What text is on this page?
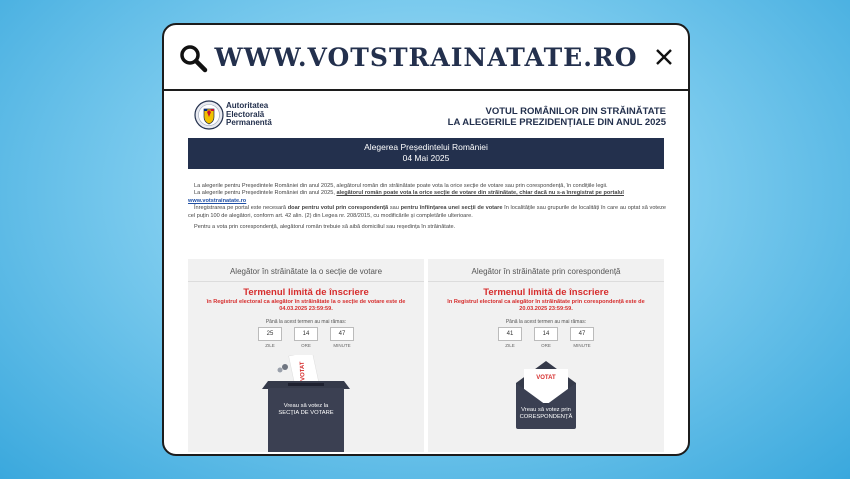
WWW.VOTSTRAINATATE.RO
Autoritatea
Electorală
Permanentă
VOTUL ROMÂNILOR DIN STRĂINĂTATE
LA ALEGERILE PREZIDENȚIALE DIN ANUL 2025
Alegerea Președintelui României
04 Mai 2025

La alegerile pentru Președintele României din anul 2025, alegătorul român din străinătate poate vota la orice secție de votare sau prin corespondență, în condițiile legii.

La alegerile pentru Președintele României din anul 2025, alegătorul român poate vota la orice secție de votare din străinătate, chiar dacă nu s-a înregistrat pe portalul
www.votstrainatate.ro

Înregistrarea pe portal este necesară doar pentru votul prin corespondență sau pentru înființarea unei secții de votare în localitățile sau grupurile de localități în care au optat să voteze cel puțin 100 de alegători, conform art. 42 alin. (2) din Legea nr. 208/2015, cu modificările și completările ulterioare.

Pentru a vota prin corespondență, alegătorul român trebuie să aibă domiciliul sau reședința în străinătate.

Alegător în străinătate la o secție de votare
Termenul limită de înscriere
în Registrul electoral ca alegător în străinătate la o secție de votare este de 04.03.2025 23:59:59.
Până la acest termen au mai rămas:
25
ZILE
14
ORE
47
MINUTE
VOTAT
Vreau să votez la
SECȚIA DE VOTARE
Alegător în străinătate prin corespondență
Termenul limită de înscriere
în Registrul electoral ca alegător în străinătate prin corespondență este de 20.03.2025 23:59:59.
Până la acest termen au mai rămas:
41
ZILE
14
ORE
47
MINUTE
VOTAT
Vreau să votez prin
CORESPONDENȚĂ
